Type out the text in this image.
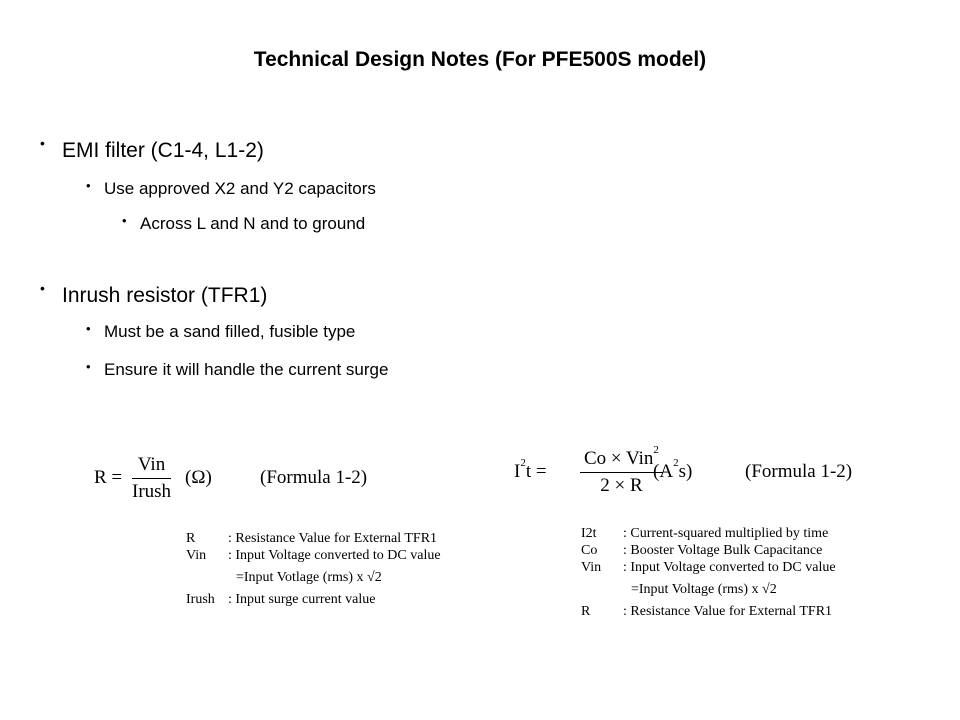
Technical Design Notes (For PFE500S model)
• EMI filter (C1-4, L1-2)
• Use approved X2 and Y2 capacitors
• Across L and N and to ground
• Inrush resistor (TFR1)
• Must be a sand filled, fusible type
• Ensure it will handle the current surge
R =
Vin
Irush
(Ω)	(Formula 1-2)
R : Resistance Value for External TFR1
Vin : Input Voltage converted to DC value
=Input Votlage (rms) x √2
Irush : Input surge current value
$I^2t$ =
Co × Vin$^2$
2 × R
$(A^2s)$	(Formula 1-2)
I2t : Current-squared multiplied by time
Co : Booster Voltage Bulk Capacitance
Vin : Input Voltage converted to DC value
=Input Voltage (rms) x √2
R : Resistance Value for External TFR1
